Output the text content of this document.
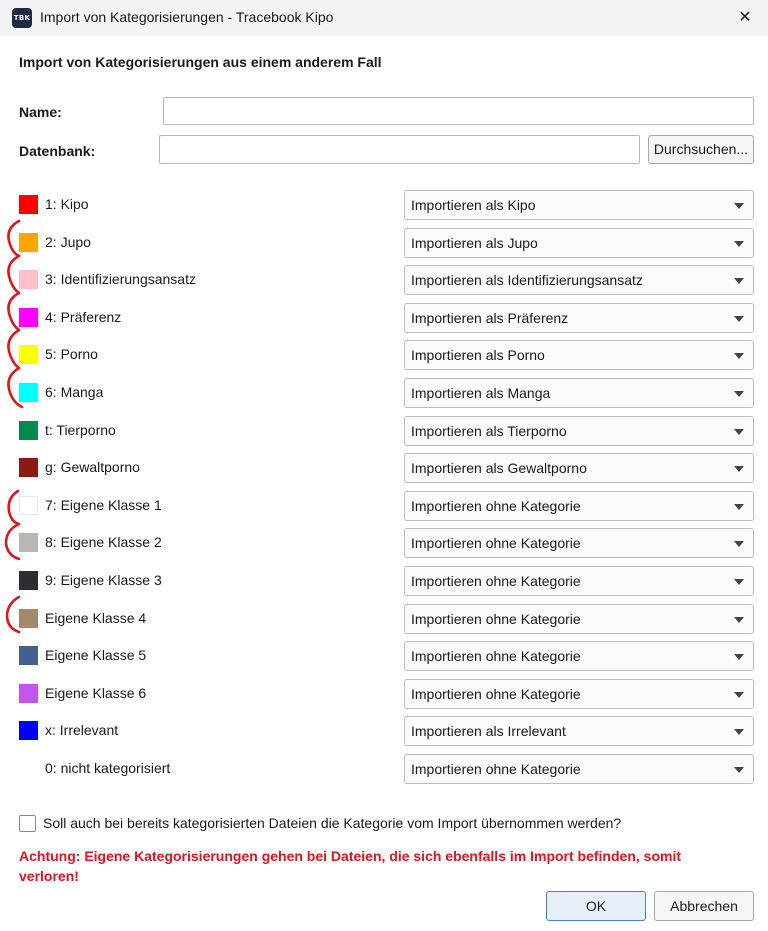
TBK Import von Kategorisierungen - Tracebook Kipo	✕
Import von Kategorisierungen aus einem anderem Fall
Name:
Datenbank:	Durchsuchen...
1: Kipo	Importieren als Kipo
2: Jupo	Importieren als Jupo
3: Identifizierungsansatz	Importieren als Identifizierungsansatz
4: Präferenz	Importieren als Präferenz
5: Porno	Importieren als Porno
6: Manga	Importieren als Manga
t: Tierporno	Importieren als Tierporno
g: Gewaltporno	Importieren als Gewaltporno
7: Eigene Klasse 1	Importieren ohne Kategorie
8: Eigene Klasse 2	Importieren ohne Kategorie
9: Eigene Klasse 3	Importieren ohne Kategorie
Eigene Klasse 4	Importieren ohne Kategorie
Eigene Klasse 5	Importieren ohne Kategorie
Eigene Klasse 6	Importieren ohne Kategorie
x: Irrelevant	Importieren als Irrelevant
0: nicht kategorisiert	Importieren ohne Kategorie
Soll auch bei bereits kategorisierten Dateien die Kategorie vom Import übernommen werden?
Achtung: Eigene Kategorisierungen gehen bei Dateien, die sich ebenfalls im Import befinden, somit verloren!
OK	Abbrechen
